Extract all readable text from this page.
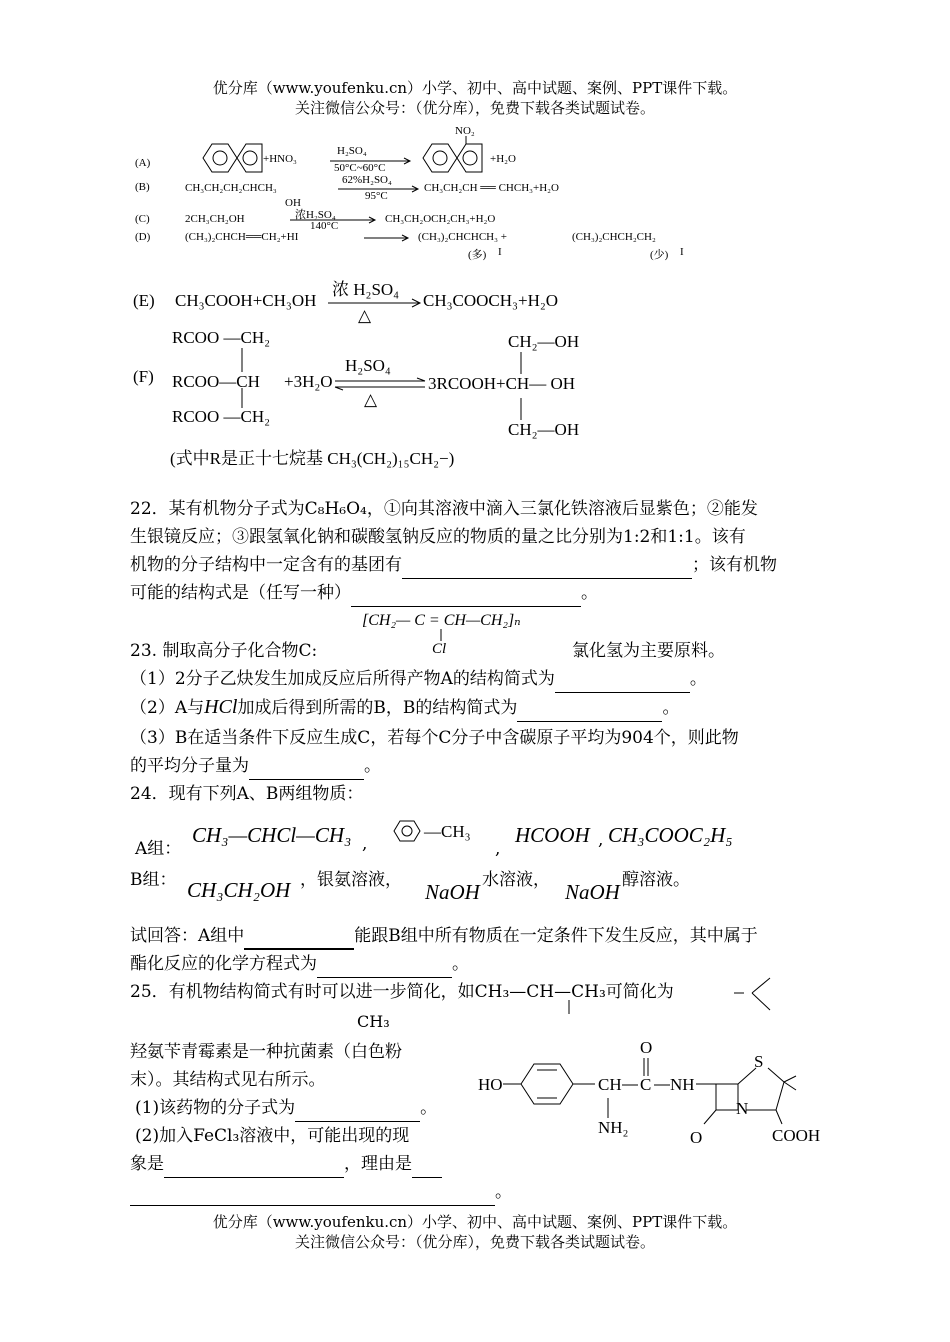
优分库（www.youfenku.cn）小学、初中、高中试题、案例、PPT课件下载。
关注微信公众号：（优分库），免费下载各类试题试卷。
(A)	+HNO₃
H₂SO₄
50°C~60°C
NO₂
+H₂O
(B)	CH₃CH₂CH₂CHCH₃
OH
62%H₂SO₄
95°C
CH₃CH₂CH ══ CHCH₃+H₂O
(C)	2CH₃CH₂OH	浓H₂SO₄
140°C
CH₃CH₂OCH₂CH₃+H₂O
(D)	(CH₃)₂CHCH══CH₂+HI	(CH₃)₂CHCHCH₃ +	(CH₃)₂CHCH₂CH₂
(多) I	(少) I
(E) CH₃COOH+CH₃OH
浓 H₂SO₄
△
CH₃COOCH₃+H₂O
RCOO —CH₂
(F) RCOO—CH +3H₂O
RCOO —CH₂
H₂SO₄
△
CH₂—OH
3RCOOH+CH— OH
CH₂—OH
(式中R是正十七烷基 CH₃(CH₂)₁₅CH₂−)
22．某有机物分子式为C₈H₆O₄，①向其溶液中滴入三氯化铁溶液后显紫色；②能发
生银镜反应；③跟氢氧化钠和碳酸氢钠反应的物质的量之比分别为1:2和1:1。该有
机物的分子结构中一定含有的基团有	；该有机物
可能的结构式是（任写一种）	。
[CH₂— C = CH—CH₂]ₙ
Cl
23. 制取高分子化合物C:	氯化氢为主要原料。
（1）2分子乙炔发生加成反应后所得产物A的结构简式为	。
（2）A与HCl加成后得到所需的B，B的结构简式为	。
（3）B在适当条件下反应生成C，若每个C分子中含碳原子平均为904个，则此物
的平均分子量为	。
24．现有下列A、B两组物质：
A组：
CH₃—CHCl—CH₃ ,
—CH₃
,
HCOOH , CH₃COOC₂H₅
B组： CH₃CH₂OH ，银氨溶液， NaOH 水溶液， NaOH 醇溶液。
试回答：A组中	能跟B组中所有物质在一定条件下发生反应，其中属于
酯化反应的化学方程式为	。
25．有机物结构简式有时可以进一步简化，如CH₃—CH—CH₃可简化为
CH₃
羟氨苄青霉素是一种抗菌素（白色粉
末）。其结构式见右所示。
(1)该药物的分子式为	。
(2)加入FeCl₃溶液中，可能出现的现
象是	，理由是
。
HO	CH C
O
NH
NH₂
S
N
O	COOH
优分库（www.youfenku.cn）小学、初中、高中试题、案例、PPT课件下载。
关注微信公众号：（优分库），免费下载各类试题试卷。
